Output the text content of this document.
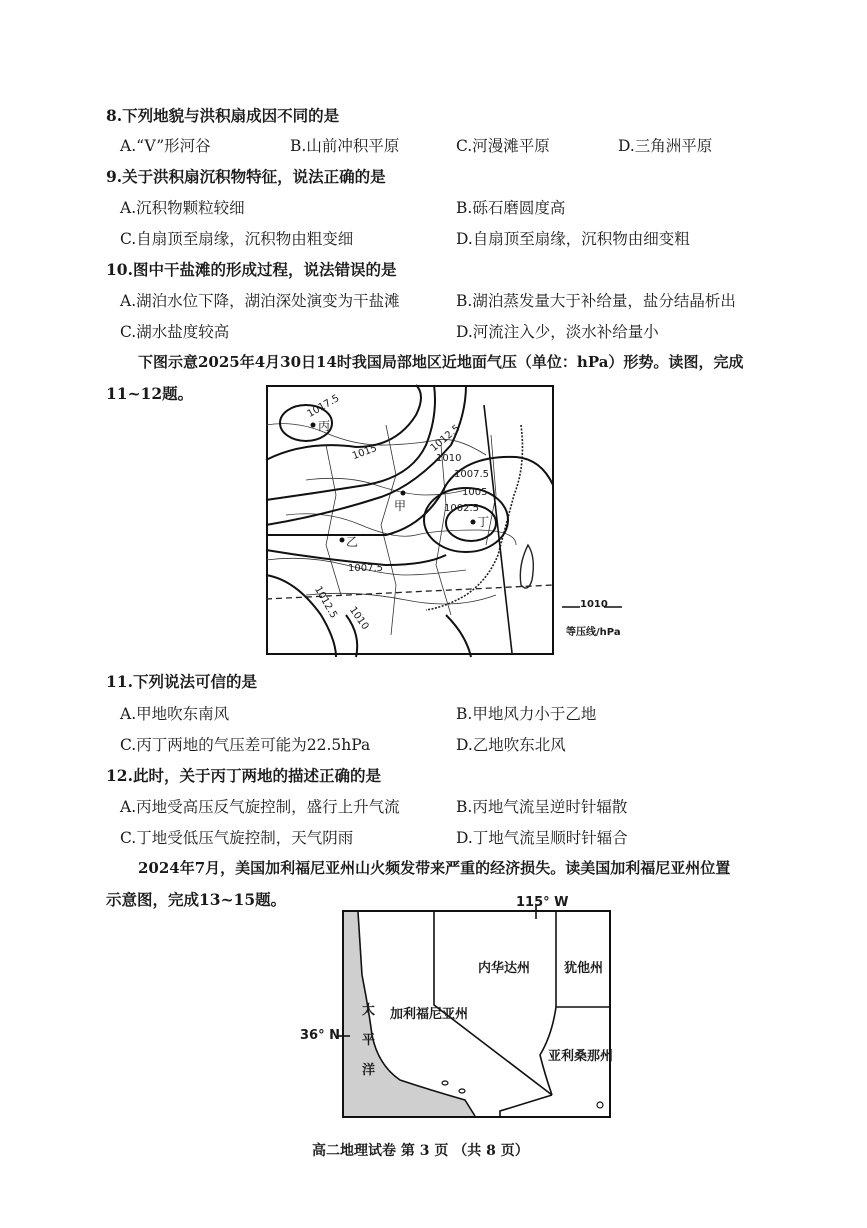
8.下列地貌与洪积扇成因不同的是
A.“V”形河谷	B.山前冲积平原	C.河漫滩平原	D.三角洲平原
9.关于洪积扇沉积物特征，说法正确的是
A.沉积物颗粒较细	B.砾石磨圆度高
C.自扇顶至扇缘，沉积物由粗变细	D.自扇顶至扇缘，沉积物由细变粗
10.图中干盐滩的形成过程，说法错误的是
A.湖泊水位下降，湖泊深处演变为干盐滩	B.湖泊蒸发量大于补给量，盐分结晶析出
C.湖水盐度较高	D.河流注入少，淡水补给量小
下图示意2025年4月30日14时我国局部地区近地面气压（单位：hPa）形势。读图，完成
11~12题。	1017.5
1015	1012.5
1010
1007.5
1005
1002.5
1007.5
1012.5 1010
丙
甲
乙
丁
1010
等压线/hPa
11.下列说法可信的是
A.甲地吹东南风	B.甲地风力小于乙地
C.丙丁两地的气压差可能为22.5hPa	D.乙地吹东北风
12.此时，关于丙丁两地的描述正确的是
A.丙地受高压反气旋控制，盛行上升气流	B.丙地气流呈逆时针辐散
C.丁地受低压气旋控制，天气阴雨	D.丁地气流呈顺时针辐合
2024年7月，美国加利福尼亚州山火频发带来严重的经济损失。读美国加利福尼亚州位置
示意图，完成13~15题。	115° W
36° N
内华达州	犹他州
加利福尼亚州
亚利桑那州
太
平
洋
高二地理试卷 第 3 页 （共 8 页）
